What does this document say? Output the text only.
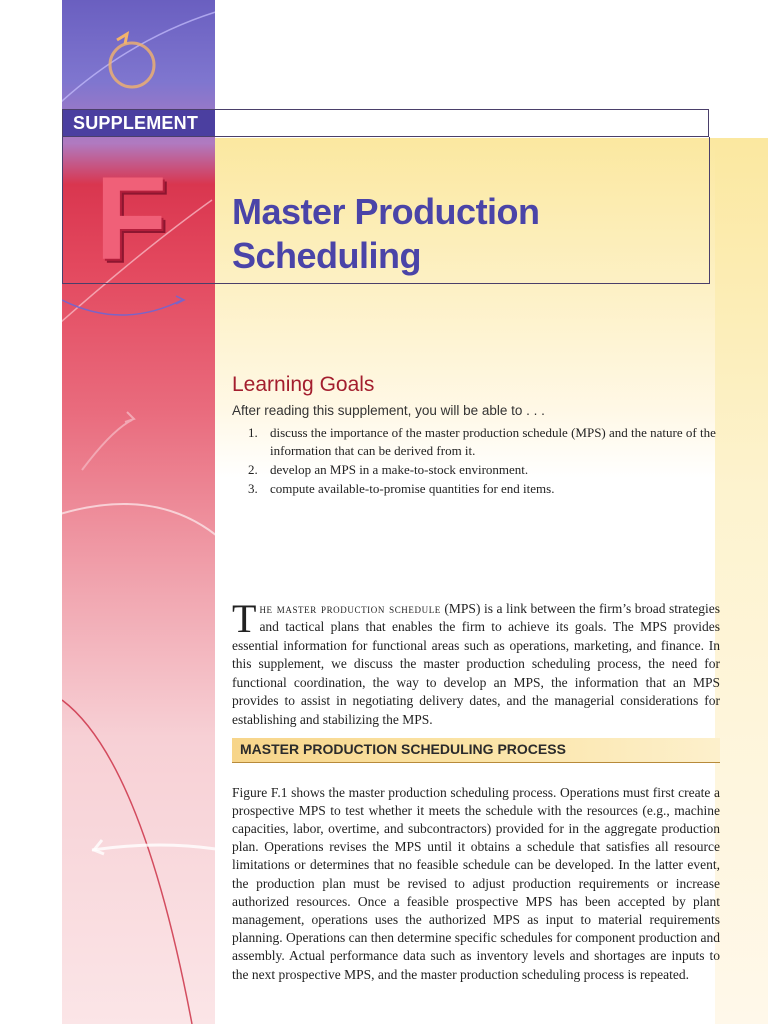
SUPPLEMENT
F Master Production
Scheduling
Learning Goals
After reading this supplement, you will be able to . . .
1. discuss the importance of the master production schedule (MPS) and the nature of the information that can be derived from it.
2. develop an MPS in a make-to-stock environment.
3. compute available-to-promise quantities for end items.

The master production schedule (MPS) is a link between the firm’s broad strategies and tactical plans that enables the firm to achieve its goals. The MPS provides essential information for functional areas such as operations, marketing, and finance. In this supplement, we discuss the master production scheduling process, the need for functional coordination, the way to develop an MPS, the information that an MPS provides to assist in negotiating delivery dates, and the managerial considerations for establishing and stabilizing the MPS.

MASTER PRODUCTION SCHEDULING PROCESS

Figure F.1 shows the master production scheduling process. Operations must first create a prospective MPS to test whether it meets the schedule with the resources (e.g., machine capacities, labor, overtime, and subcontractors) provided for in the aggregate production plan. Operations revises the MPS until it obtains a schedule that satisfies all resource limitations or determines that no feasible schedule can be developed. In the latter event, the production plan must be revised to adjust production requirements or increase authorized resources. Once a feasible prospective MPS has been accepted by plant management, operations uses the authorized MPS as input to material requirements planning. Operations can then determine specific schedules for component production and assembly. Actual performance data such as inventory levels and shortages are inputs to the next prospective MPS, and the master production scheduling process is repeated.
